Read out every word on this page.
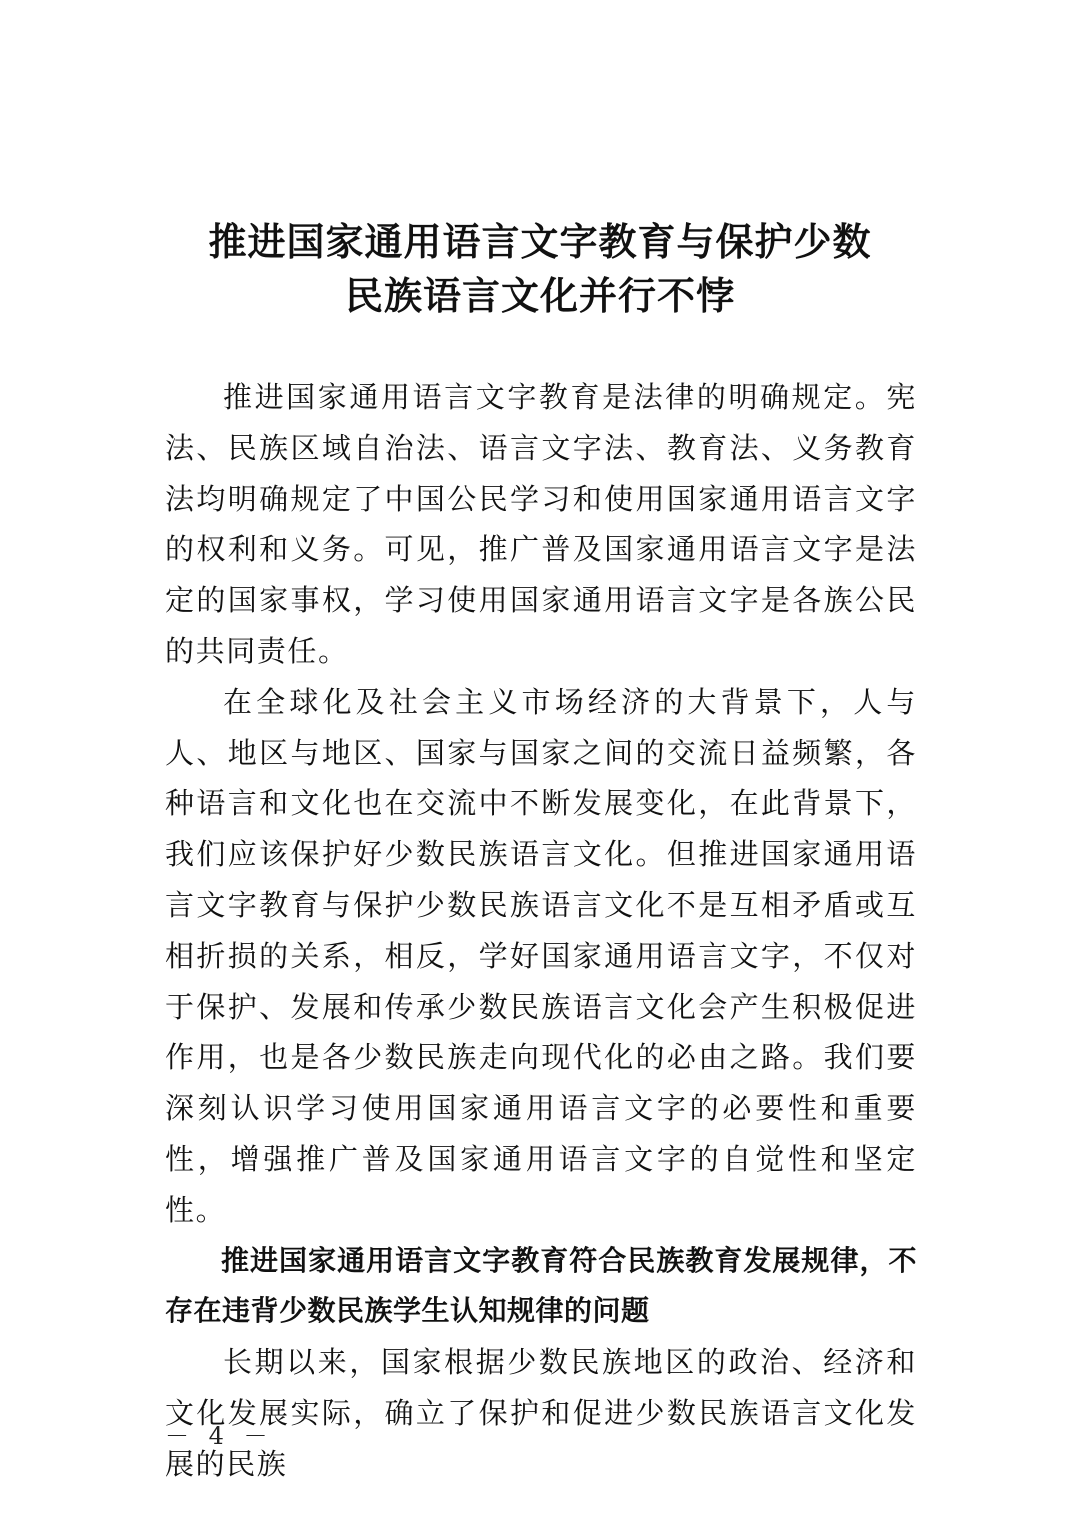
推进国家通用语言文字教育与保护少数
民族语言文化并行不悖

推进国家通用语言文字教育是法律的明确规定。宪法、民族区域自治法、语言文字法、教育法、义务教育法均明确规定了中国公民学习和使用国家通用语言文字的权利和义务。可见，推广普及国家通用语言文字是法定的国家事权，学习使用国家通用语言文字是各族公民的共同责任。

在全球化及社会主义市场经济的大背景下，人与人、地区与地区、国家与国家之间的交流日益频繁，各种语言和文化也在交流中不断发展变化，在此背景下，我们应该保护好少数民族语言文化。但推进国家通用语言文字教育与保护少数民族语言文化不是互相矛盾或互相折损的关系，相反，学好国家通用语言文字，不仅对于保护、发展和传承少数民族语言文化会产生积极促进作用，也是各少数民族走向现代化的必由之路。我们要深刻认识学习使用国家通用语言文字的必要性和重要性，增强推广普及国家通用语言文字的自觉性和坚定性。

推进国家通用语言文字教育符合民族教育发展规律，不存在违背少数民族学生认知规律的问题

长期以来，国家根据少数民族地区的政治、经济和文化发展实际，确立了保护和促进少数民族语言文化发展的民族

－ 4 －
